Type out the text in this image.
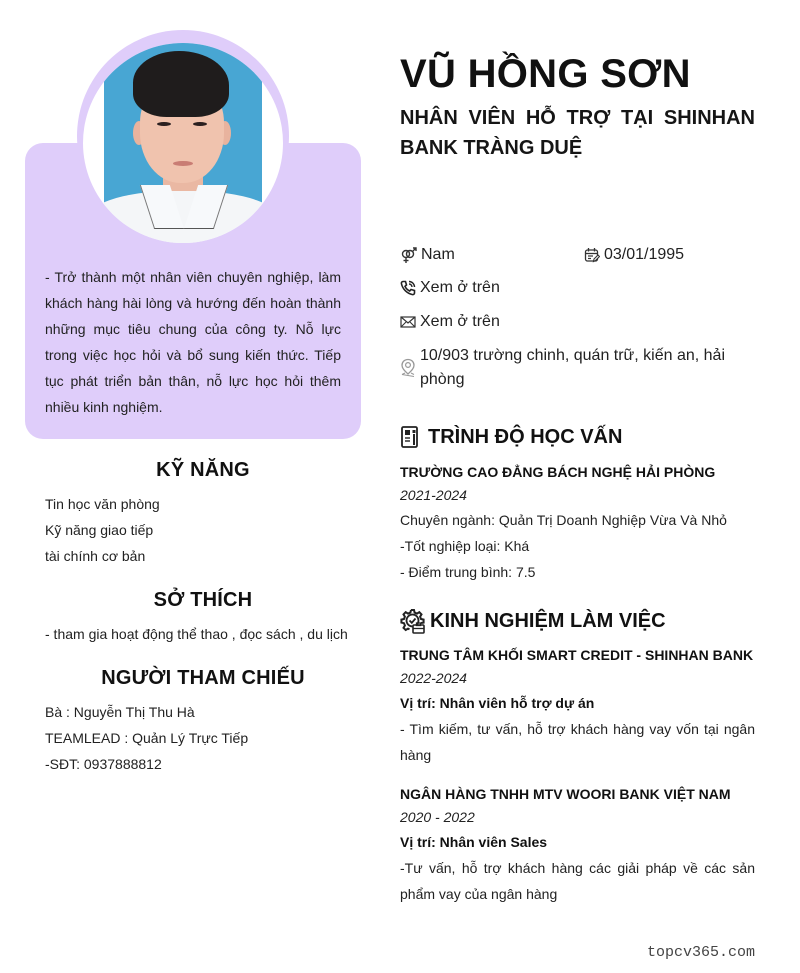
- Trở thành một nhân viên chuyên nghiệp, làm khách hàng hài lòng và hướng đến hoàn thành những mục tiêu chung của công ty. Nỗ lực trong việc học hỏi và bổ sung kiến thức. Tiếp tục phát triển bản thân, nỗ lực học hỏi thêm nhiều kinh nghiệm.
KỸ NĂNG
Tin học văn phòng
Kỹ năng giao tiếp
tài chính cơ bản
SỞ THÍCH
- tham gia hoạt động thể thao , đọc sách , du lịch
NGƯỜI THAM CHIẾU
Bà : Nguyễn Thị Thu Hà
TEAMLEAD : Quản Lý Trực Tiếp
-SĐT: 0937888812
VŨ HỒNG SƠN
NHÂN VIÊN HỖ TRỢ TẠI SHINHAN BANK TRÀNG DUỆ
Nam	03/01/1995
Xem ở trên
Xem ở trên
10/903 trường chinh, quán trữ, kiến an, hải phòng
TRÌNH ĐỘ HỌC VẤN
TRƯỜNG CAO ĐẲNG BÁCH NGHỆ HẢI PHÒNG
2021-2024
Chuyên ngành: Quản Trị Doanh Nghiệp Vừa Và Nhỏ
-Tốt nghiệp loại: Khá
- Điểm trung bình: 7.5
KINH NGHIỆM LÀM VIỆC
TRUNG TÂM KHỐI SMART CREDIT - SHINHAN BANK
2022-2024
Vị trí: Nhân viên hỗ trợ dự án
- Tìm kiếm, tư vấn, hỗ trợ khách hàng vay vốn tại ngân hàng
NGÂN HÀNG TNHH MTV WOORI BANK VIỆT NAM
2020 - 2022
Vị trí: Nhân viên Sales
-Tư vấn, hỗ trợ khách hàng các giải pháp về các sản phẩm vay của ngân hàng
topcv365.com
